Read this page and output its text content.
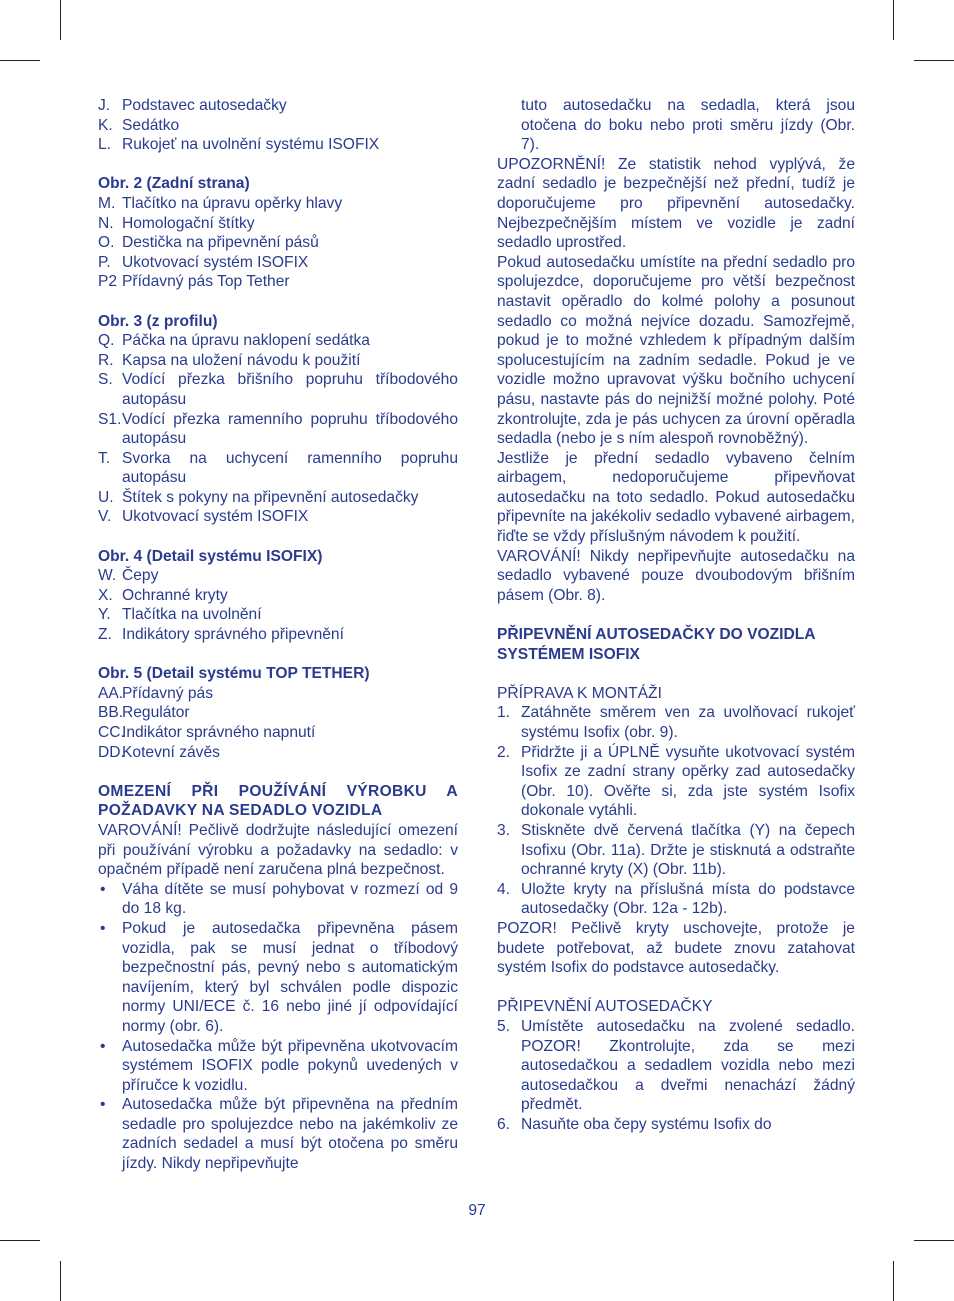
J. Podstavec autosedačky

K. Sedátko

L. Rukojeť na uvolnění systému ISOFIX

Obr. 2 (Zadní strana)

M. Tlačítko na úpravu opěrky hlavy

N. Homologační štítky

O. Destička na připevnění pásů

P. Ukotvovací systém ISOFIX

P2 Přídavný pás Top Tether

Obr. 3 (z profilu)

Q. Páčka na úpravu naklopení sedátka

R. Kapsa na uložení návodu k použití

S. Vodící přezka břišního popruhu tříbodového autopásu

S1. Vodící přezka ramenního popruhu tříbodového autopásu

T. Svorka na uchycení ramenního popruhu autopásu

U. Štítek s pokyny na připevnění autosedačky

V. Ukotvovací systém ISOFIX

Obr. 4 (Detail systému ISOFIX)

W. Čepy

X. Ochranné kryty

Y. Tlačítka na uvolnění

Z. Indikátory správného připevnění

Obr. 5 (Detail systému TOP TETHER)

AA.
Přídavný pás

BB.
Regulátor

CC.
Indikátor správného napnutí

DD.
Kotevní závěs

OMEZENÍ PŘI POUŽÍVÁNÍ VÝROBKU A POŽADAVKY NA SEDADLO VOZIDLA

VAROVÁNÍ! Pečlivě dodržujte následující omezení při používání výrobku a požadavky na sedadlo: v opačném případě není zaručena plná bezpečnost.

• Váha dítěte se musí pohybovat v rozmezí od 9 do 18 kg.

• Pokud je autosedačka připevněna pásem vozidla, pak se musí jednat o tříbodový bezpečnostní pás, pevný nebo s automatickým navíjením, který byl schválen podle dispozic normy UNI/ECE č. 16 nebo jiné jí odpovídající normy (obr. 6).

• Autosedačka může být připevněna ukotvovacím systémem ISOFIX podle pokynů uvedených v příručce k vozidlu.

• Autosedačka může být připevněna na předním sedadle pro spolujezdce nebo na jakémkoliv ze zadních sedadel a musí být otočena po směru jízdy. Nikdy nepřipevňujte

tuto autosedačku na sedadla, která jsou otočena do boku nebo proti směru jízdy (Obr. 7).

UPOZORNĚNÍ! Ze statistik nehod vyplývá, že zadní sedadlo je bezpečnější než přední, tudíž je doporučujeme pro připevnění autosedačky. Nejbezpečnějším místem ve vozidle je zadní sedadlo uprostřed.

Pokud autosedačku umístíte na přední sedadlo pro spolujezdce, doporučujeme pro větší bezpečnost nastavit opěradlo do kolmé polohy a posunout sedadlo co možná nejvíce dozadu. Samozřejmě, pokud je to možné vzhledem k případným dalším spolucestujícím na zadním sedadle. Pokud je ve vozidle možno upravovat výšku bočního uchycení pásu, nastavte pás do nejnižší možné polohy. Poté zkontrolujte, zda je pás uchycen za úrovní opěradla sedadla (nebo je s ním alespoň rovnoběžný).

Jestliže je přední sedadlo vybaveno čelním airbagem, nedoporučujeme připevňovat autosedačku na toto sedadlo. Pokud autosedačku připevníte na jakékoliv sedadlo vybavené airbagem, řiďte se vždy příslušným návodem k použití.

VAROVÁNÍ! Nikdy nepřipevňujte autosedačku na sedadlo vybavené pouze dvoubodovým břišním pásem (Obr. 8).

PŘIPEVNĚNÍ AUTOSEDAČKY DO VOZIDLA SYSTÉMEM ISOFIX

PŘÍPRAVA K MONTÁŽI

1. Zatáhněte směrem ven za uvolňovací rukojeť systému Isofix (obr. 9).

2. Přidržte ji a ÚPLNĚ vysuňte ukotvovací systém Isofix ze zadní strany opěrky zad autosedačky (Obr. 10). Ověřte si, zda jste systém Isofix dokonale vytáhli.

3. Stiskněte dvě červená tlačítka (Y) na čepech Isofixu (Obr. 11a). Držte je stisknutá a odstraňte ochranné kryty (X) (Obr. 11b).

4. Uložte kryty na příslušná místa do podstavce autosedačky (Obr. 12a - 12b).

POZOR! Pečlivě kryty uschovejte, protože je budete potřebovat, až budete znovu zatahovat systém Isofix do podstavce autosedačky.

PŘIPEVNĚNÍ AUTOSEDAČKY

5. Umístěte autosedačku na zvolené sedadlo. POZOR! Zkontrolujte, zda se mezi autosedačkou a sedadlem vozidla nebo mezi autosedačkou a dveřmi nenachází žádný předmět.

6. Nasuňte oba čepy systému Isofix do

97
